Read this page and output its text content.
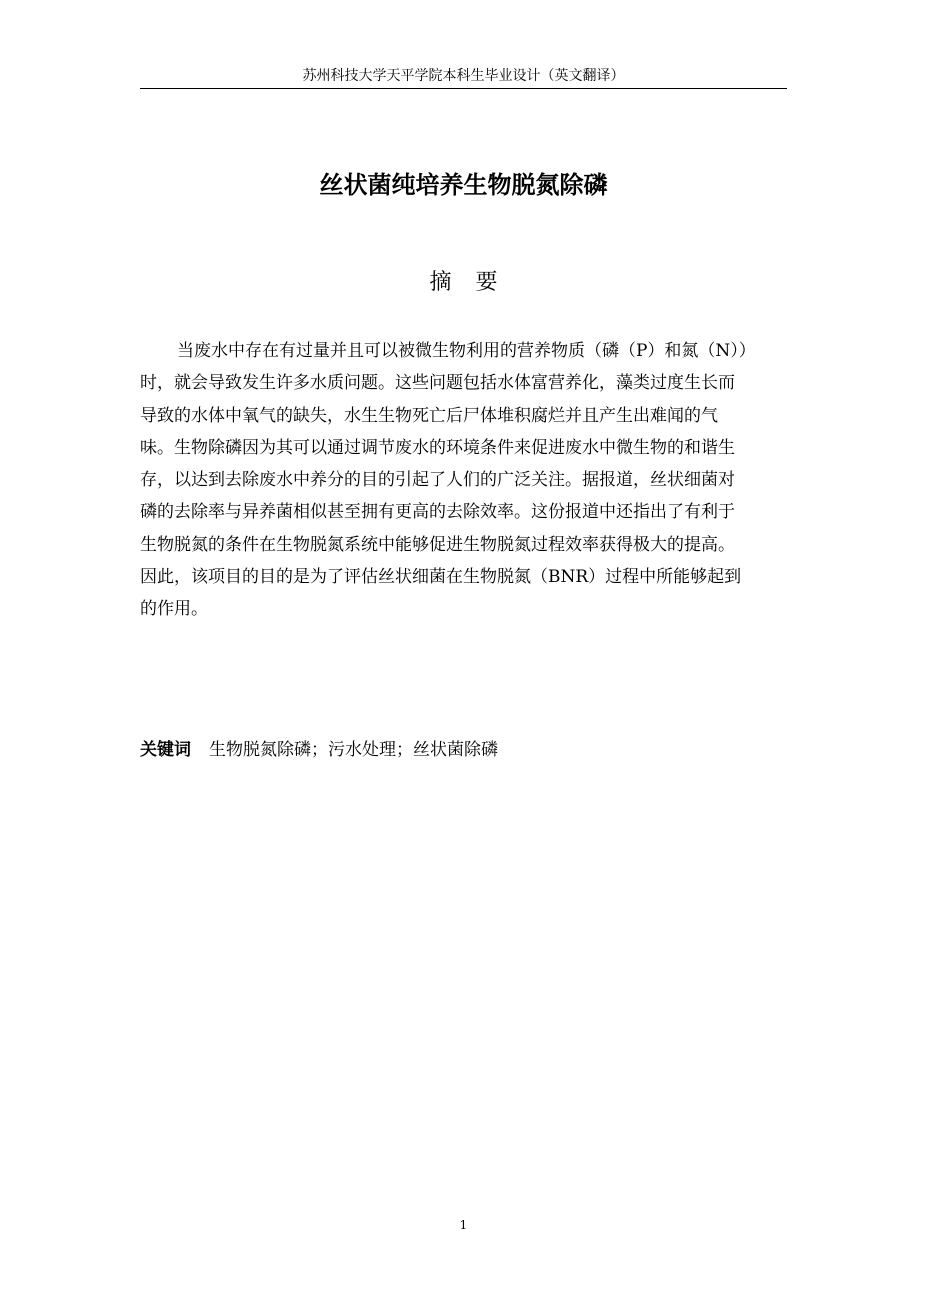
苏州科技大学天平学院本科生毕业设计（英文翻译）
丝状菌纯培养生物脱氮除磷
摘要
当废水中存在有过量并且可以被微生物利用的营养物质（磷（P）和氮（N））
时，就会导致发生许多水质问题。这些问题包括水体富营养化，藻类过度生长而
导致的水体中氧气的缺失，水生生物死亡后尸体堆积腐烂并且产生出难闻的气
味。生物除磷因为其可以通过调节废水的环境条件来促进废水中微生物的和谐生
存，以达到去除废水中养分的目的引起了人们的广泛关注。据报道，丝状细菌对
磷的去除率与异养菌相似甚至拥有更高的去除效率。这份报道中还指出了有利于
生物脱氮的条件在生物脱氮系统中能够促进生物脱氮过程效率获得极大的提高。
因此，该项目的目的是为了评估丝状细菌在生物脱氮（BNR）过程中所能够起到
的作用。
关键词 生物脱氮除磷；污水处理；丝状菌除磷
1
